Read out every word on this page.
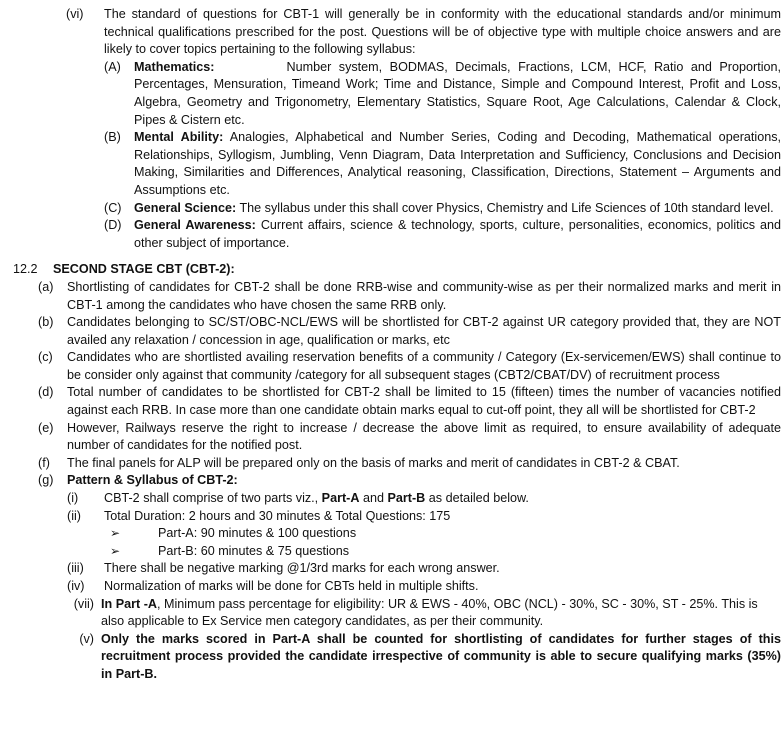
(vi)	The standard of questions for CBT-1 will generally be in conformity with the educational standards and/or minimum technical qualifications prescribed for the post. Questions will be of objective type with multiple choice answers and are likely to cover topics pertaining to the following syllabus:
(A)	Mathematics:	Number system, BODMAS, Decimals, Fractions, LCM, HCF, Ratio and Proportion, Percentages, Mensuration, Timeand Work; Time and Distance, Simple and Compound Interest, Profit and Loss, Algebra, Geometry and Trigonometry, Elementary Statistics, Square Root, Age Calculations, Calendar & Clock, Pipes & Cistern etc.
(B)	Mental Ability: Analogies, Alphabetical and Number Series, Coding and Decoding, Mathematical operations, Relationships, Syllogism, Jumbling, Venn Diagram, Data Interpretation and Sufficiency, Conclusions and Decision Making, Similarities and Differences, Analytical reasoning, Classification, Directions, Statement – Arguments and Assumptions etc.
(C) General Science: The syllabus under this shall cover Physics, Chemistry and Life Sciences of 10th standard level.
(D) General Awareness: Current affairs, science & technology, sports, culture, personalities, economics, politics and other subject of importance.
12.2	SECOND STAGE CBT (CBT-2):
(a)	Shortlisting of candidates for CBT-2 shall be done RRB-wise and community-wise as per their normalized marks and merit in CBT-1 among the candidates who have chosen the same RRB only.
(b)	Candidates belonging to SC/ST/OBC-NCL/EWS will be shortlisted for CBT-2 against UR category provided that, they are NOT availed any relaxation / concession in age, qualification or marks, etc
(c)	Candidates who are shortlisted availing reservation benefits of a community / Category (Ex-servicemen/EWS) shall continue to be consider only against that community /category for all subsequent stages (CBT2/CBAT/DV) of recruitment process
(d)	Total number of candidates to be shortlisted for CBT-2 shall be limited to 15 (fifteen) times the number of vacancies notified against each RRB. In case more than one candidate obtain marks equal to cut-off point, they all will be shortlisted for CBT-2
(e)	However, Railways reserve the right to increase / decrease the above limit as required, to ensure availability of adequate number of candidates for the notified post.
(f)	The final panels for ALP will be prepared only on the basis of marks and merit of candidates in CBT-2 & CBAT.
(g)	Pattern & Syllabus of CBT-2:
(i)	CBT-2 shall comprise of two parts viz., Part-A and Part-B as detailed below.
(ii)	Total Duration: 2 hours and 30 minutes & Total Questions: 175
➢	Part-A: 90 minutes & 100 questions
➢	Part-B: 60 minutes & 75 questions
(iii)	There shall be negative marking @1/3rd marks for each wrong answer.
(iv)	Normalization of marks will be done for CBTs held in multiple shifts.
(vii) In Part -A, Minimum pass percentage for eligibility: UR & EWS - 40%, OBC (NCL) - 30%, SC - 30%, ST - 25%. This is also applicable to Ex Service men category candidates, as per their community.
(v) Only the marks scored in Part-A shall be counted for shortlisting of candidates for further stages of this recruitment process provided the candidate irrespective of community is able to secure qualifying marks (35%) in Part-B.
